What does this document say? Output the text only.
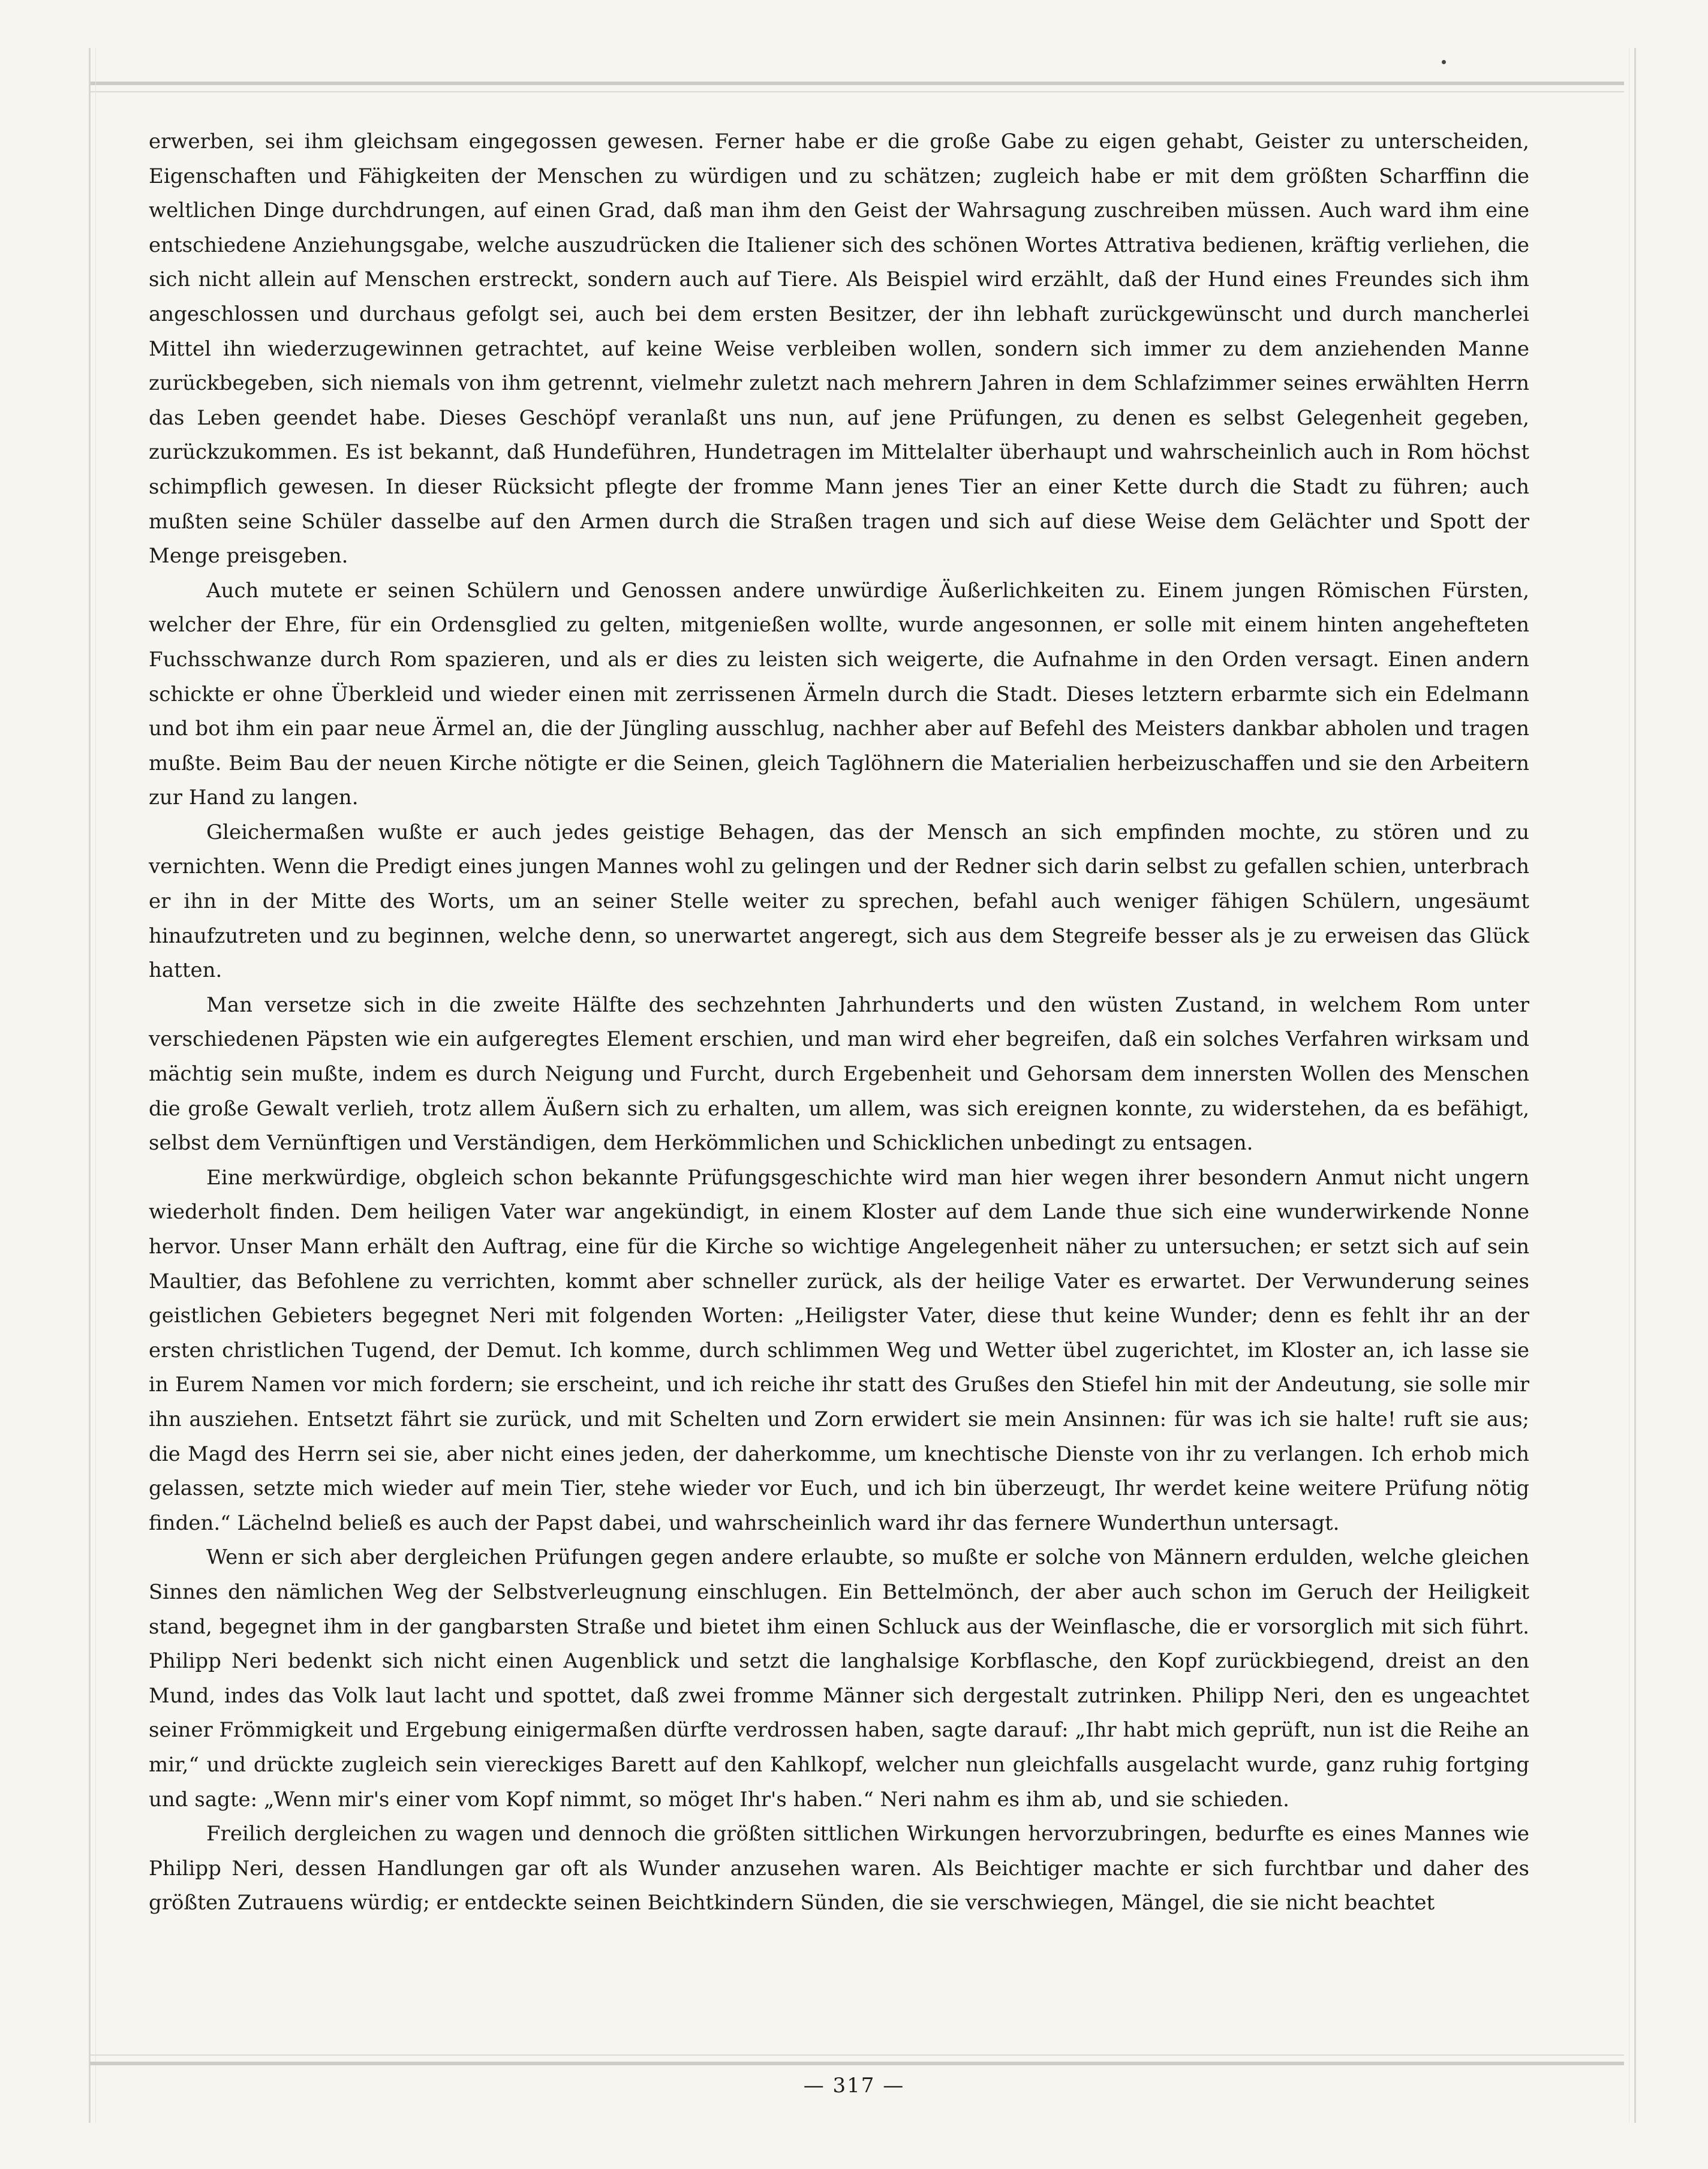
erwerben, sei ihm gleichsam eingegossen gewesen. Ferner habe er die große Gabe zu eigen gehabt, Geister zu unterscheiden, Eigenschaften und Fähigkeiten der Menschen zu würdigen und zu schätzen; zugleich habe er mit dem größten Scharffinn die weltlichen Dinge durchdrungen, auf einen Grad, daß man ihm den Geist der Wahrsagung zuschreiben müssen. Auch ward ihm eine entschiedene Anziehungsgabe, welche auszudrücken die Italiener sich des schönen Wortes Attrativa bedienen, kräftig verliehen, die sich nicht allein auf Menschen erstreckt, sondern auch auf Tiere. Als Beispiel wird erzählt, daß der Hund eines Freundes sich ihm angeschlossen und durchaus gefolgt sei, auch bei dem ersten Besitzer, der ihn lebhaft zurückgewünscht und durch mancherlei Mittel ihn wiederzugewinnen getrachtet, auf keine Weise verbleiben wollen, sondern sich immer zu dem anziehenden Manne zurückbegeben, sich niemals von ihm getrennt, vielmehr zuletzt nach mehrern Jahren in dem Schlafzimmer seines erwählten Herrn das Leben geendet habe. Dieses Geschöpf veranlaßt uns nun, auf jene Prüfungen, zu denen es selbst Gelegenheit gegeben, zurückzukommen. Es ist bekannt, daß Hundeführen, Hundetragen im Mittelalter überhaupt und wahrscheinlich auch in Rom höchst schimpflich gewesen. In dieser Rücksicht pflegte der fromme Mann jenes Tier an einer Kette durch die Stadt zu führen; auch mußten seine Schüler dasselbe auf den Armen durch die Straßen tragen und sich auf diese Weise dem Gelächter und Spott der Menge preisgeben.

Auch mutete er seinen Schülern und Genossen andere unwürdige Äußerlichkeiten zu. Einem jungen Römischen Fürsten, welcher der Ehre, für ein Ordensglied zu gelten, mitgenießen wollte, wurde angesonnen, er solle mit einem hinten angehefteten Fuchsschwanze durch Rom spazieren, und als er dies zu leisten sich weigerte, die Aufnahme in den Orden versagt. Einen andern schickte er ohne Überkleid und wieder einen mit zerrissenen Ärmeln durch die Stadt. Dieses letztern erbarmte sich ein Edelmann und bot ihm ein paar neue Ärmel an, die der Jüngling ausschlug, nachher aber auf Befehl des Meisters dankbar abholen und tragen mußte. Beim Bau der neuen Kirche nötigte er die Seinen, gleich Taglöhnern die Materialien herbeizuschaffen und sie den Arbeitern zur Hand zu langen.

Gleichermaßen wußte er auch jedes geistige Behagen, das der Mensch an sich empfinden mochte, zu stören und zu vernichten. Wenn die Predigt eines jungen Mannes wohl zu gelingen und der Redner sich darin selbst zu gefallen schien, unterbrach er ihn in der Mitte des Worts, um an seiner Stelle weiter zu sprechen, befahl auch weniger fähigen Schülern, ungesäumt hinaufzutreten und zu beginnen, welche denn, so unerwartet angeregt, sich aus dem Stegreife besser als je zu erweisen das Glück hatten.

Man versetze sich in die zweite Hälfte des sechzehnten Jahrhunderts und den wüsten Zustand, in welchem Rom unter verschiedenen Päpsten wie ein aufgeregtes Element erschien, und man wird eher begreifen, daß ein solches Verfahren wirksam und mächtig sein mußte, indem es durch Neigung und Furcht, durch Ergebenheit und Gehorsam dem innersten Wollen des Menschen die große Gewalt verlieh, trotz allem Äußern sich zu erhalten, um allem, was sich ereignen konnte, zu widerstehen, da es befähigt, selbst dem Vernünftigen und Verständigen, dem Herkömmlichen und Schicklichen unbedingt zu entsagen.

Eine merkwürdige, obgleich schon bekannte Prüfungsgeschichte wird man hier wegen ihrer besondern Anmut nicht ungern wiederholt finden. Dem heiligen Vater war angekündigt, in einem Kloster auf dem Lande thue sich eine wunderwirkende Nonne hervor. Unser Mann erhält den Auftrag, eine für die Kirche so wichtige Angelegenheit näher zu untersuchen; er setzt sich auf sein Maultier, das Befohlene zu verrichten, kommt aber schneller zurück, als der heilige Vater es erwartet. Der Verwunderung seines geistlichen Gebieters begegnet Neri mit folgenden Worten: „Heiligster Vater, diese thut keine Wunder; denn es fehlt ihr an der ersten christlichen Tugend, der Demut. Ich komme, durch schlimmen Weg und Wetter übel zugerichtet, im Kloster an, ich lasse sie in Eurem Namen vor mich fordern; sie erscheint, und ich reiche ihr statt des Grußes den Stiefel hin mit der Andeutung, sie solle mir ihn ausziehen. Entsetzt fährt sie zurück, und mit Schelten und Zorn erwidert sie mein Ansinnen: für was ich sie halte! ruft sie aus; die Magd des Herrn sei sie, aber nicht eines jeden, der daherkomme, um knechtische Dienste von ihr zu verlangen. Ich erhob mich gelassen, setzte mich wieder auf mein Tier, stehe wieder vor Euch, und ich bin überzeugt, Ihr werdet keine weitere Prüfung nötig finden.“ Lächelnd beließ es auch der Papst dabei, und wahrscheinlich ward ihr das fernere Wunderthun untersagt.

Wenn er sich aber dergleichen Prüfungen gegen andere erlaubte, so mußte er solche von Männern erdulden, welche gleichen Sinnes den nämlichen Weg der Selbstverleugnung einschlugen. Ein Bettelmönch, der aber auch schon im Geruch der Heiligkeit stand, begegnet ihm in der gangbarsten Straße und bietet ihm einen Schluck aus der Weinflasche, die er vorsorglich mit sich führt. Philipp Neri bedenkt sich nicht einen Augenblick und setzt die langhalsige Korbflasche, den Kopf zurückbiegend, dreist an den Mund, indes das Volk laut lacht und spottet, daß zwei fromme Männer sich dergestalt zutrinken. Philipp Neri, den es ungeachtet seiner Frömmigkeit und Ergebung einigermaßen dürfte verdrossen haben, sagte darauf: „Ihr habt mich geprüft, nun ist die Reihe an mir,“ und drückte zugleich sein viereckiges Barett auf den Kahlkopf, welcher nun gleichfalls ausgelacht wurde, ganz ruhig fortging und sagte: „Wenn mir's einer vom Kopf nimmt, so möget Ihr's haben.“ Neri nahm es ihm ab, und sie schieden.

Freilich dergleichen zu wagen und dennoch die größten sittlichen Wirkungen hervorzubringen, bedurfte es eines Mannes wie Philipp Neri, dessen Handlungen gar oft als Wunder anzusehen waren. Als Beichtiger machte er sich furchtbar und daher des größten Zutrauens würdig; er entdeckte seinen Beichtkindern Sünden, die sie verschwiegen, Mängel, die sie nicht beachtet

— 317 —
